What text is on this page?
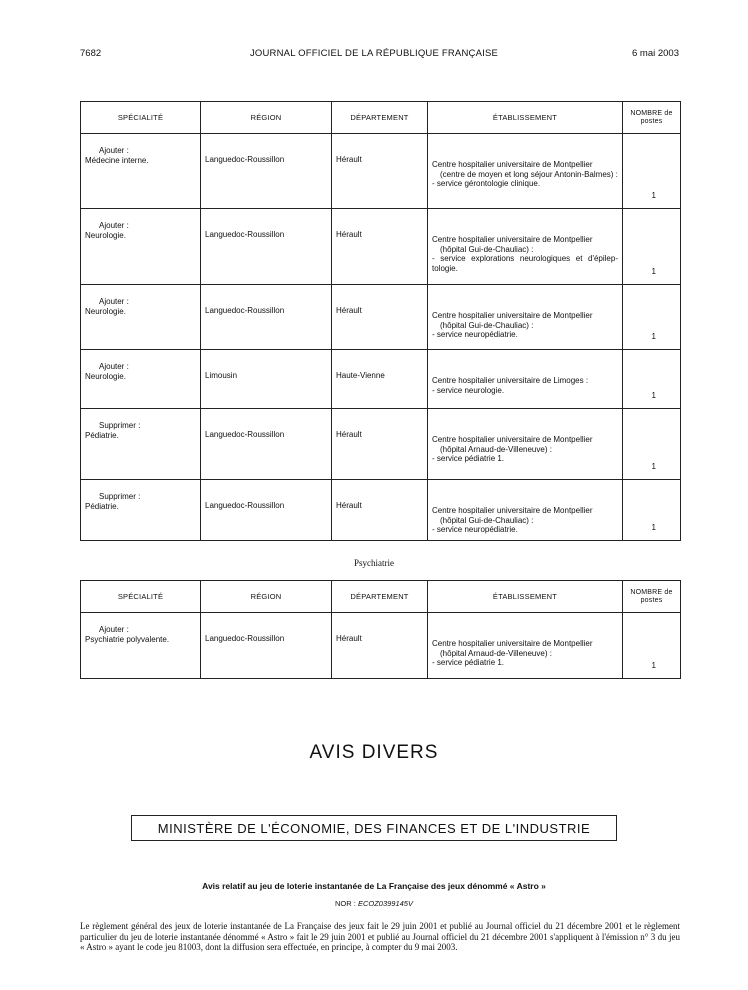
7682	JOURNAL OFFICIEL DE LA RÉPUBLIQUE FRANÇAISE	6 mai 2003
SPÉCIALITÉ	RÉGION	DÉPARTEMENT	ÉTABLISSEMENT	NOMBRE de postes

Ajouter :
Médecine interne.	Languedoc-Roussillon	Hérault	Centre hospitalier universitaire de Montpellier
(centre de moyen et long séjour Antonin-Balmes) :
- service gérontologie clinique.	1

Ajouter :
Neurologie.	Languedoc-Roussillon	Hérault	Centre hospitalier universitaire de Montpellier
(hôpital Gui-de-Chauliac) :
- service explorations neurologiques et d'épilep-tologie.	1

Ajouter :
Neurologie.	Languedoc-Roussillon	Hérault	Centre hospitalier universitaire de Montpellier
(hôpital Gui-de-Chauliac) :
- service neuropédiatrie.	1

Ajouter :
Neurologie.	Limousin	Haute-Vienne	Centre hospitalier universitaire de Limoges :
- service neurologie.	1

Supprimer :
Pédiatrie.	Languedoc-Roussillon	Hérault	Centre hospitalier universitaire de Montpellier
(hôpital Arnaud-de-Villeneuve) :
- service pédiatrie 1.	1

Supprimer :
Pédiatrie.	Languedoc-Roussillon	Hérault	Centre hospitalier universitaire de Montpellier
(hôpital Gui-de-Chauliac) :
- service neuropédiatrie.	1
Psychiatrie
SPÉCIALITÉ	RÉGION	DÉPARTEMENT	ÉTABLISSEMENT	NOMBRE de postes

Ajouter :
Psychiatrie polyvalente.	Languedoc-Roussillon	Hérault	Centre hospitalier universitaire de Montpellier
(hôpital Arnaud-de-Villeneuve) :
- service pédiatrie 1.	1
AVIS DIVERS
MINISTÈRE DE L'ÉCONOMIE, DES FINANCES ET DE L'INDUSTRIE
Avis relatif au jeu de loterie instantanée de La Française des jeux dénommé « Astro »
NOR : ECOZ0399145V
Le règlement général des jeux de loterie instantanée de La Française des jeux fait le 29 juin 2001 et publié au Journal officiel du 21 décembre 2001 et le règlement particulier du jeu de loterie instantanée dénommé « Astro » fait le 29 juin 2001 et publié au Journal officiel du 21 décembre 2001 s'appliquent à l'émission n° 3 du jeu « Astro » ayant le code jeu 81003, dont la diffusion sera effectuée, en principe, à compter du 9 mai 2003.
